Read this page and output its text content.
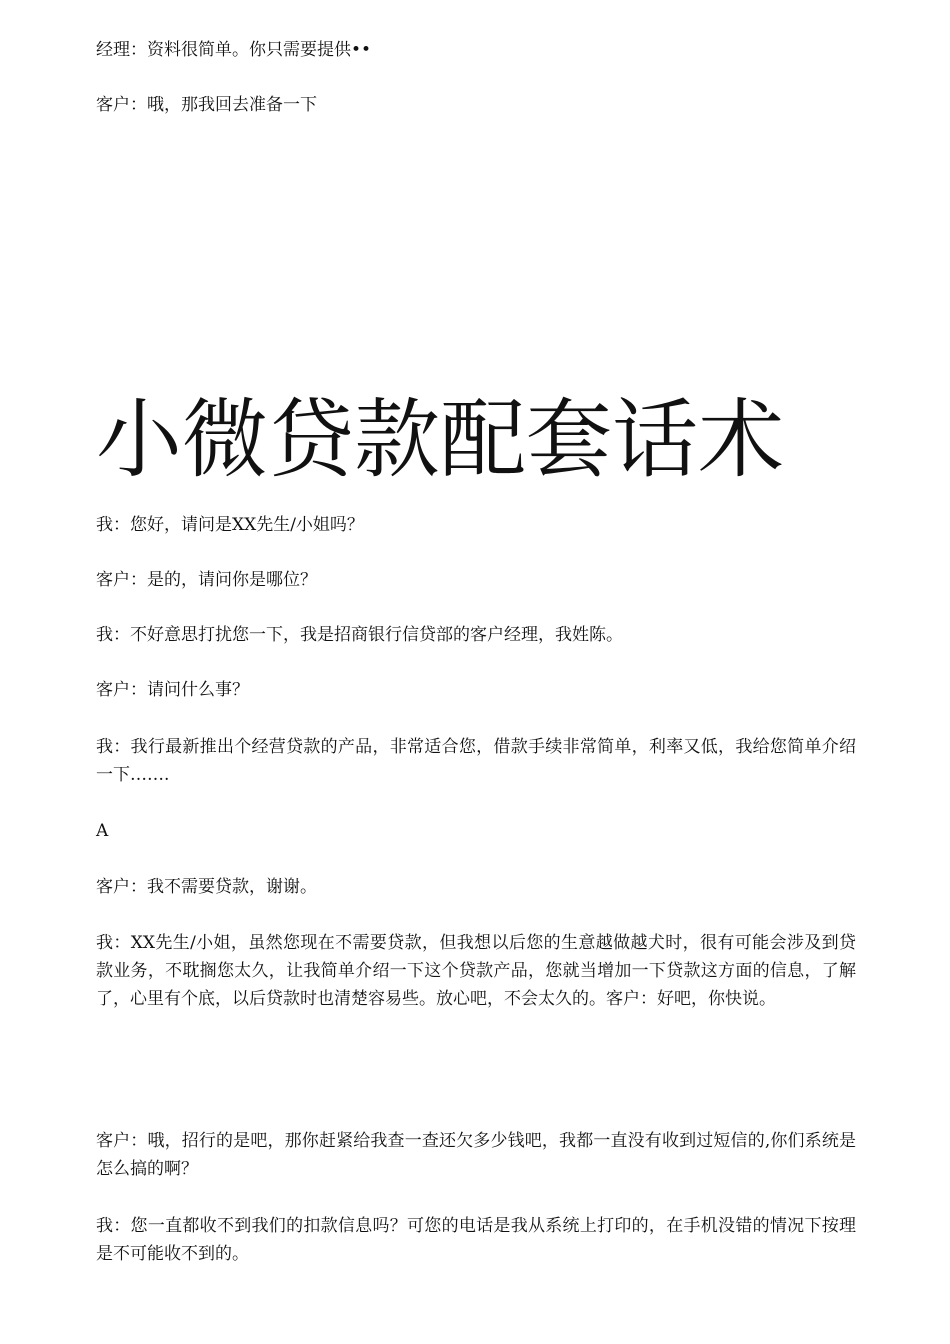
经理：资料很简单。你只需要提供••

客户：哦，那我回去准备一下

小微贷款配套话术

我：您好，请问是XX先生/小姐吗？

客户：是的，请问你是哪位？

我：不好意思打扰您一下，我是招商银行信贷部的客户经理，我姓陈。

客户：请问什么事？

我：我行最新推出个经营贷款的产品，非常适合您，借款手续非常简单，利率又低，我给您简单介绍一下…….

A

客户：我不需要贷款，谢谢。

我：XX先生/小姐，虽然您现在不需要贷款，但我想以后您的生意越做越犬时，很有可能会涉及到贷款业务，不耽搁您太久，让我简单介绍一下这个贷款产品，您就当增加一下贷款这方面的信息，了解了，心里有个底，以后贷款时也清楚容易些。放心吧，不会太久的。客户：好吧，你快说。

客户：哦，招行的是吧，那你赶紧给我查一查还欠多少钱吧，我都一直没有收到过短信的,你们系统是怎么搞的啊？

我：您一直都收不到我们的扣款信息吗？可您的电话是我从系统上打印的，在手机没错的情况下按理是不可能收不到的。
